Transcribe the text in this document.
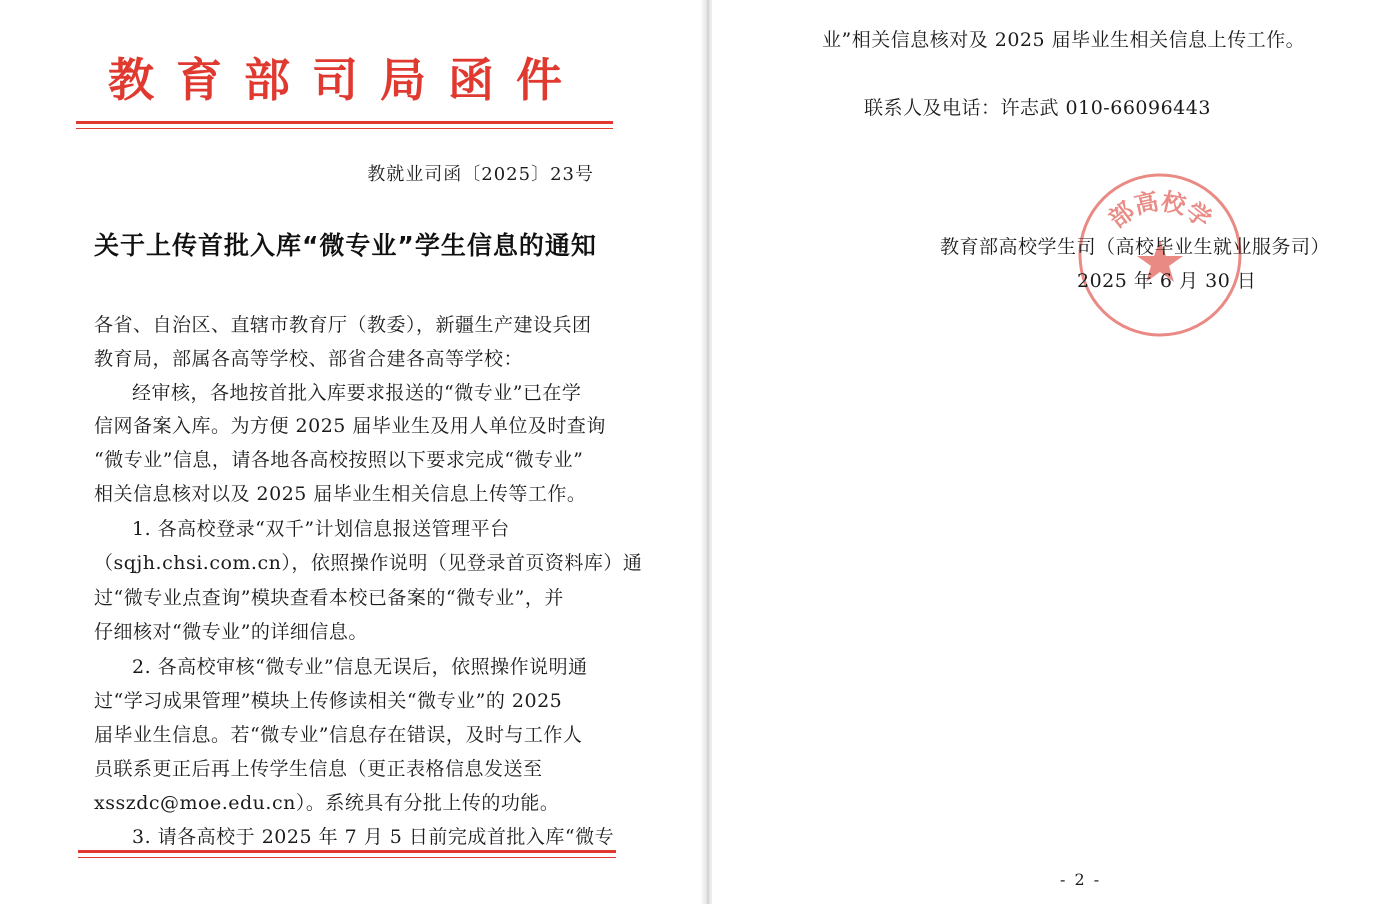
教育部司局函件
教就业司函〔2025〕23号
关于上传首批入库“微专业”学生信息的通知
各省、自治区、直辖市教育厅（教委），新疆生产建设兵团
教育局，部属各高等学校、部省合建各高等学校：
经审核，各地按首批入库要求报送的“微专业”已在学
信网备案入库。为方便 2025 届毕业生及用人单位及时查询
“微专业”信息，请各地各高校按照以下要求完成“微专业”
相关信息核对以及 2025 届毕业生相关信息上传等工作。
1. 各高校登录“双千”计划信息报送管理平台
（sqjh.chsi.com.cn），依照操作说明（见登录首页资料库）通
过“微专业点查询”模块查看本校已备案的“微专业”，并
仔细核对“微专业”的详细信息。
2. 各高校审核“微专业”信息无误后，依照操作说明通
过“学习成果管理”模块上传修读相关“微专业”的 2025
届毕业生信息。若“微专业”信息存在错误，及时与工作人
员联系更正后再上传学生信息（更正表格信息发送至
xsszdc@moe.edu.cn）。系统具有分批上传的功能。
3. 请各高校于 2025 年 7 月 5 日前完成首批入库“微专
业”相关信息核对及 2025 届毕业生相关信息上传工作。
联系人及电话：许志武 010-66096443
部高校学
教育部高校学生司（高校毕业生就业服务司）
2025 年 6 月 30 日
- 2 -
